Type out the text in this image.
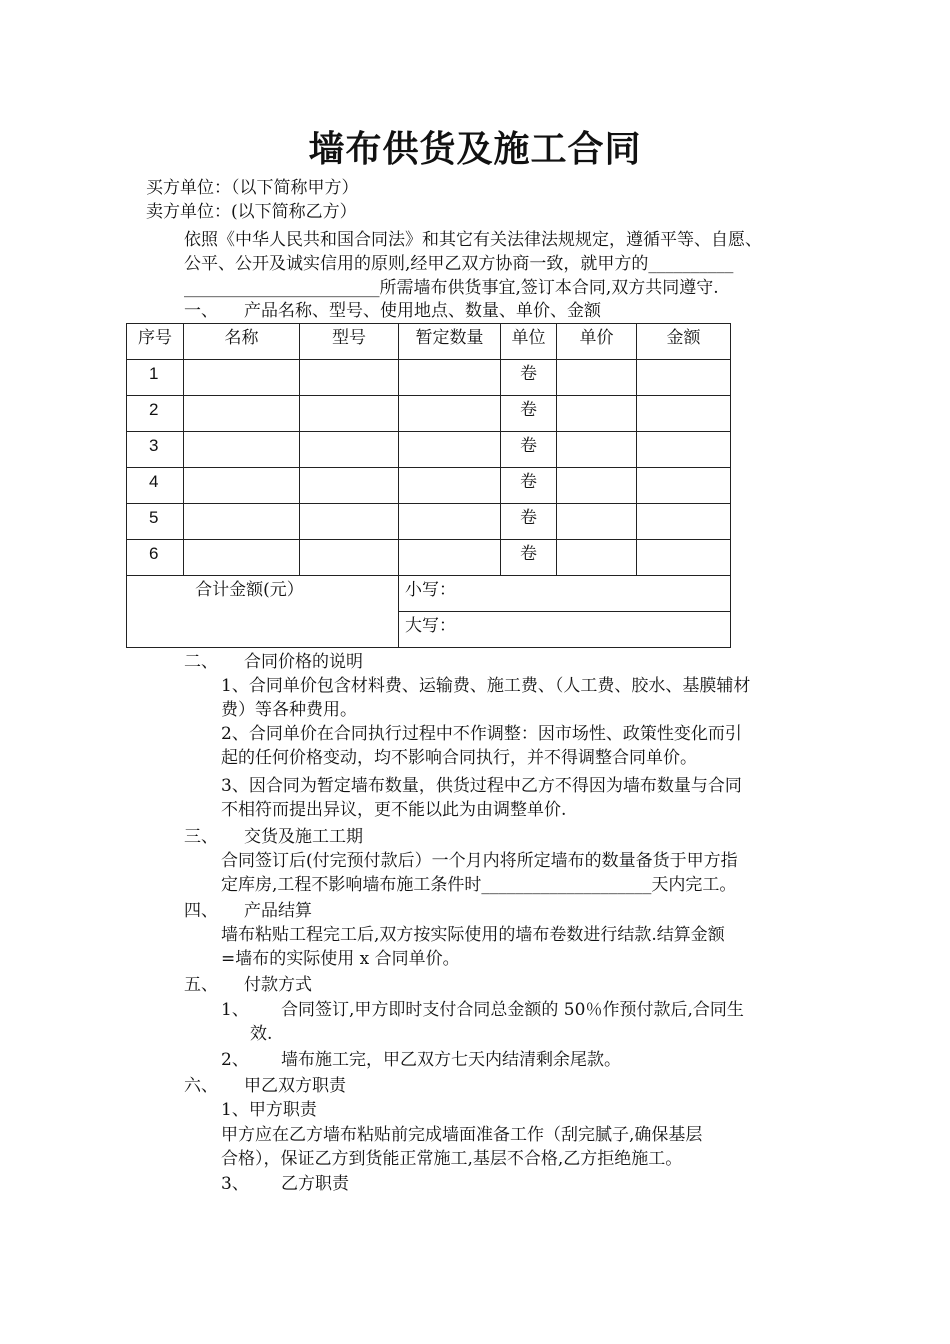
墙布供货及施工合同
买方单位：（以下简称甲方）
卖方单位：(以下简称乙方）
依照《中华人民共和国合同法》和其它有关法律法规规定，遵循平等、自愿、
公平、公开及诚实信用的原则,经甲乙双方协商一致，就甲方的__________
_______________________所需墙布供货事宜,签订本合同,双方共同遵守.
一、 产品名称、型号、使用地点、数量、单价、金额
序号	名称	型号	暂定数量	单位	单价	金额

1				卷		

2				卷		

3				卷		

4				卷		

5				卷		

6				卷		

合计金额(元）			小写：			

			大写：			
二、 合同价格的说明
1、合同单价包含材料费、运输费、施工费、（人工费、胶水、基膜辅材
费）等各种费用。
2、合同单价在合同执行过程中不作调整：因市场性、政策性变化而引
起的任何价格变动，均不影响合同执行，并不得调整合同单价。
3、因合同为暂定墙布数量，供货过程中乙方不得因为墙布数量与合同
不相符而提出异议，更不能以此为由调整单价.
三、 交货及施工工期
合同签订后(付完预付款后）一个月内将所定墙布的数量备货于甲方指
定库房,工程不影响墙布施工条件时____________________天内完工。
四、 产品结算
墙布粘贴工程完工后,双方按实际使用的墙布卷数进行结款.结算金额
=墙布的实际使用 x 合同单价。
五、 付款方式
1、 合同签订,甲方即时支付合同总金额的 50％作预付款后,合同生
效.
2、 墙布施工完，甲乙双方七天内结清剩余尾款。
六、 甲乙双方职责
1、甲方职责
甲方应在乙方墙布粘贴前完成墙面准备工作（刮完腻子,确保基层
合格），保证乙方到货能正常施工,基层不合格,乙方拒绝施工。
3、 乙方职责
